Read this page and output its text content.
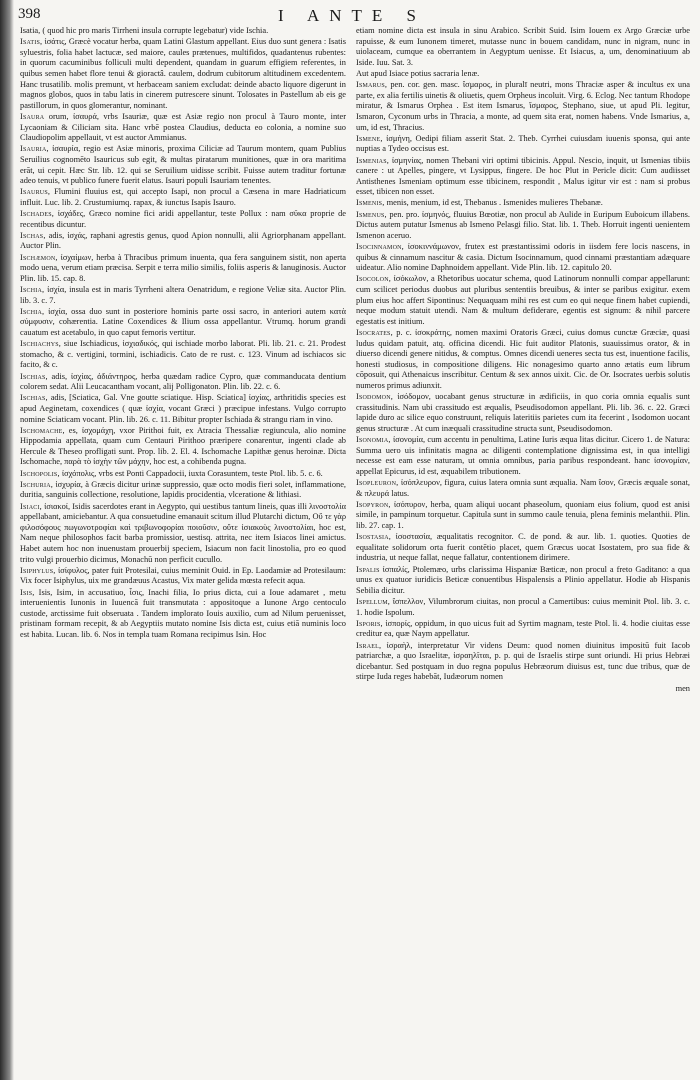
398	I ANTE S

Isatia, ( quod hic pro maris Tirrheni insula corrupte legebatur) vide Ischia.

Isatis, ἰσάτις, Græcè vocatur herba, quam Latini Glastum appellant. Eius duo sunt genera : Isatis syluestris, folia habet lactucæ, sed maiore, caules prætenues, multifidos, quadantenus rubentes: in quorum cacuminibus folliculi multi dependent, quandam in guarum effigiem referentes, in quibus semen habet flore tenui & gioractâ. caulem, dodrum cubitorum altitudinem excedentem. Hanc trusatilib. molis premunt, vt herbaceam saniem excludat: deinde abacto liquore digerunt in magnos globos, quos in tabu latis in cinerem putrescere sinunt. Tolosates in Pastellum ab eis ge pastillorum, in quos glomerantur, nominant.

Isaura orum, ἰσαυρά, vrbs Isauriæ, quæ est Asiæ regio non procul à Tauro monte, inter Lycaoniam & Ciliciam sita. Hanc vrbē postea Claudius, deducta eo colonia, a nomine suo Claudiopolim appellauit, vt est auctor Ammianus.

Isauria, ἰσαυρία, regio est Asiæ minoris, proxima Ciliciæ ad Taurum montem, quam Publius Seruilius cognomēto Isauricus sub egit, & multas piratarum munitiones, quæ in ora maritima erāt, ui cepit. Hæc Str. lib. 12. qui se Seruilium uidisse scribit. Fuisse autem traditur fortunæ adeo tenuis, vt publico funere fuerit elatus. Isauri populi Isauriam tenentes.

Isaurus, Flumini fluuius est, qui accepto Isapi, non procul a Cæsena in mare Hadriaticum influit. Luc. lib. 2. Crustumiumq. rapax, & iunctus Isapis Isauro.

Ischades, ἰσχάδες, Græco nomine fici aridi appellantur, teste Pollux : nam σῦκα proprie de recentibus dicuntur.

Ischas, adis, ἰσχάς, raphani agrestis genus, quod Apion nonnulli, alii Agriorphanam appellant. Auctor Plin.

Ischæmon, ἰσχαίμων, herba à Thracibus primum inuenta, qua fera sanguinem sistit, non aperta modo uena, verum etiam præcisa. Serpit e terra milio similis, foliis asperis & lanuginosis. Auctor Plin. lib. 15. cap. 8.

Ischia, ἰσχία, insula est in maris Tyrrheni altera Oenatridum, e regione Veliæ sita. Auctor Plin. lib. 3. c. 7.

Ischia, ἰσχία, ossa duo sunt in posteriore hominis parte ossi sacro, in anteriori autem κατὰ σύμφυσιν, cohærentia. Latine Coxendices & Ilium ossa appellantur. Vtrumq. horum grandi cauatum est acetabulo, in quo caput femoris vertitur.

Ischiachys, siue Ischiadicus, ἰσχιαδικός, qui ischiade morbo laborat. Pli. lib. 21. c. 21. Prodest stomacho, & c. vertigini, tormini, ischiadicis. Cato de re rust. c. 123. Vinum ad ischiacos sic facito, & c.

Ischias, adis, ἰσχίας, ἀδιάντηρος, herba quædam radice Cypro, quæ commanducata dentium colorem sedat. Alii Leucacantham vocant, alij Polligonaton. Plin. lib. 22. c. 6.

Ischias, adis, [Sciatica, Gal. Vne goutte sciatique. Hisp. Sciatica] ἰσχίας, arthritidis species est apud Aeginetam, coxendices ( quæ ἰσχία, vocant Græci ) præcipue infestans. Vulgo corrupto nomine Sciaticam vocant. Plin. lib. 26. c. 11. Bibitur propter Ischiada & strangu riam in vino.

Ischomache, es, ἰσχομάχη, vxor Pirithoi fuit, ex Atracia Thessaliæ regiuncula, alio nomine Hippodamia appellata, quam cum Centauri Pirithoo præripere conarentur, ingenti clade ab Hercule & Theseo profligati sunt. Prop. lib. 2. El. 4. Ischomache Lapithæ genus heroinæ. Dicta Ischomache, παρὰ τὸ ἰσχὴν τῶν μάχην, hoc est, a cohibenda pugna.

Ischopolis, ἰσχόπολις, vrbs est Ponti Cappadocii, iuxta Corasuntem, teste Ptol. lib. 5. c. 6.

Ischuria, ἰσχυρία, à Græcis dicitur urinæ suppressio, quæ octo modis fieri solet, inflammatione, duritia, sanguinis collectione, resolutione, lapidis procidentia, vlceratione & lithiasi.

Isiaci, ἰσιακοί, Isidis sacerdotes erant in Aegypto, qui uestibus tantum lineis, quas illi λινοστολία appellabant, amiciebantur. A qua consuetudine emanauit scitum illud Plutarchi dictum, Οὔ τε γὰρ φιλοσόφους πωγωνοτροφίαι καὶ τριβωνοφορίαι ποιοῦσιν, οὔτε ἰσιακοὺς λινοστολίαι, hoc est, Nam neque philosophos facit barba promissior, uestisq. attrita, nec item Isiacos linei amictus. Habet autem hoc non inuenustam prouerbij speciem, Isiacum non facit linostolia, pro eo quod trito vulgi prouerbio dicimus, Monachū non perficit cucullo.

Isiphylus, ἰσίφυλος, pater fuit Protesilai, cuius meminit Ouid. in Ep. Laodamiæ ad Protesilaum: Vix focer Isiphylus, uix me grandæuus Acastus, Vix mater gelida mœsta refecit aqua.

Isis, Isis, Isim, in accusatiuo, ἶσις, Inachi filia, Io prius dicta, cui a Ioue adamaret , metu interuenientis Iunonis in Iuuencā fuit transmutata : appositoque a Iunone Argo centoculo custode, arctissime fuit obseruata . Tandem implorato Iouis auxilio, cum ad Nilum peruenisset, pristinam formam recepit, & ab Aegyptiis mutato nomine Isis dicta est, cuius etiā numinis loco est habita. Lucan. lib. 6. Nos in templa tuam Romana recipimus Isin. Hoc

etiam nomine dicta est insula in sinu Arabico. Scribit Suid. Isim Iouem ex Argo Græciæ urbe rapuisse, & eum Iunonem timeret, mutasse nunc in bouem candidam, nunc in nigram, nunc in uiolaceam, cumque ea oberrantem in Aegyptum uenisse. Et Isiacus, a, um, denominatiuum ab Iside. Iuu. Sat. 3.

Aut apud Isiace potius sacraria lenæ.

Ismarus, pen. cor. gen. masc. ἴσμαρος, in pluralī neutri, mons Thraciæ asper & incultus ex una parte, ex alia fertilis uinetis & oliuetis, quem Orpheus incoluit. Virg. 6. Eclog. Nec tantum Rhodope miratur, & Ismarus Orphea . Est item Ismarus, ἴσμαρος, Stephano, siue, ut apud Pli. legitur, Ismaron, Cyconum urbs in Thracia, a monte, ad quem sita erat, nomen habens. Vnde Ismarius, a, um, id est, Thracius.

Ismene, ἰσμήνη, Oedipi filiam asserit Stat. 2. Theb. Cyrrhei cuiusdam iuuenis sponsa, qui ante nuptias a Tydeo occisus est.

Ismenias, ἰσμηνίας, nomen Thebani viri optimi tibicinis. Appul. Nescio, inquit, ut Ismenias tibiis canere : ut Apelles, pingere, vt Lysippus, fingere. De hoc Plut in Pericle dicit: Cum audiisset Antisthenes Ismeniam optimum esse tibicinem, respondit , Malus igitur vir est : nam si probus esset, tibicen non esset.

Ismenis, menis, menium, id est, Thebanus . Ismenides mulieres Thebanæ.

Ismenus, pen. pro. ἰσμηνός, fluuius Bœotiæ, non procul ab Aulide in Euripum Euboicum illabens. Dictus autem putatur Ismenus ab Ismeno Pelasgi filio. Stat. lib. 1. Theb. Horruit ingenti uenientem Ismenon aceruo.

Isocinnamon, ἰσοκιννάμωνον, frutex est præstantissimi odoris in iisdem fere locis nascens, in quibus & cinnamum nascitur & casia. Dictum Isocinnamum, quod cinnami præstantiam adæquare uideatur. Alio nomine Daphnoidem appellant. Vide Plin. lib. 12. capitulo 20.

Isocolon, ἰσόκωλον, a Rhetoribus uocatur schema, quod Latinorum nonnulli compar appellarunt: cum scilicet periodus duobus aut pluribus sententiis breuibus, & inter se paribus exigitur. exem plum eius hoc affert Sipontinus: Nequaquam mihi res est cum eo qui neque finem habet cupiendi, neque modum statuit utendi. Nam & multum defiderare, egentis est signum: & nihil parcere egestatis est initium.

Isocrates, p. c. ἰσοκράτης, nomen maximi Oratoris Græci, cuius domus cunctæ Græciæ, quasi ludus quidam patuit, atq. officina dicendi. Hic fuit auditor Platonis, suauissimus orator, & in diuerso dicendi genere nitidus, & comptus. Omnes dicendi ueneres secta tus est, inuentione facilis, honesti studiosus, in compositione diligens. Hic nonagesimo quarto anno ætatis eum librum cōposuit, qui Athenaicus inscribitur. Centum & sex annos uixit. Cic. de Or. Isocrates uerbis solutis numeros primus adiunxit.

Isodomon, ἰσόδομον, uocabant genus structuræ in ædificiis, in quo coria omnia equalis sunt crassitudinis. Nam ubi crassitudo est æqualis, Pseudisodomon appellant. Pli. lib. 36. c. 22. Græci lapide duro ac silice equo construunt, reliquis lateritiis parietes cum ita fecerint , Isodomon uocant genus structuræ . At cum inæquali crassitudine structa sunt, Pseudisodomon.

Isonomia, ἰσονομία, cum accentu in penultima, Latine Iuris æqua litas dicitur. Cicero 1. de Natura: Summa uero uis infinitatis magna ac diligenti contemplatione dignissima est, in qua intelligi necesse est eam esse naturam, ut omnia omnibus, paria paribus respondeant. hanc ἰσονομίαν, appellat Epicurus, id est, æquabilem tributionem.

Isopleuron, ἰσόπλευρον, figura, cuius latera omnia sunt æqualia. Nam ἴσον, Græcis æquale sonat, & πλευρά latus.

Isopyron, ἰσόπυρον, herba, quam aliqui uocant phaseolum, quoniam eius folium, quod est anisi simile, in pampinum torquetur. Capitula sunt in summo caule tenuia, plena feminis melanthii. Plin. lib. 27. cap. 1.

Isostasia, ἰσοστασία, æqualitatis recognitor. C. de pond. & aur. lib. 1. quoties. Quoties de equalitate solidorum orta fuerit contētio placet, quem Græcus uocat Isostatem, pro sua fide & industria, ut neque fallat, neque fallatur, contentionem dirimere.

Ispalis ἰσπαλίς, Ptolemæo, urbs clarissima Hispaniæ Bæticæ, non procul a freto Gaditano: a qua unus ex quatuor iuridicis Beticæ conuentibus Hispalensis a Plinio appellatur. Hodie ab Hispanis Sebilia dicitur.

Ispellum, ἴσπελλον, Vilumbrorum ciuitas, non procul a Camertibus: cuius meminit Ptol. lib. 3. c. 1. hodie Ispolum.

Isporis, ἰσπορίς, oppidum, in quo uicus fuit ad Syrtim magnam, teste Ptol. li. 4. hodie ciuitas esse creditur ea, quæ Naym appellatur.

Israel, ἰσραὴλ, interpretatur Vir videns Deum: quod nomen diuinitus impositū fuit Iacob patriarchæ, a quo Israelitæ, ἰσραηλῖται, p. p. qui de Israelis stirpe sunt oriundi. Hi prius Hebræi dicebantur. Sed postquam in duo regna populus Hebræorum diuisus est, tunc due tribus, quæ de stirpe Iuda reges habebāt, Iudæorum nomen

men
